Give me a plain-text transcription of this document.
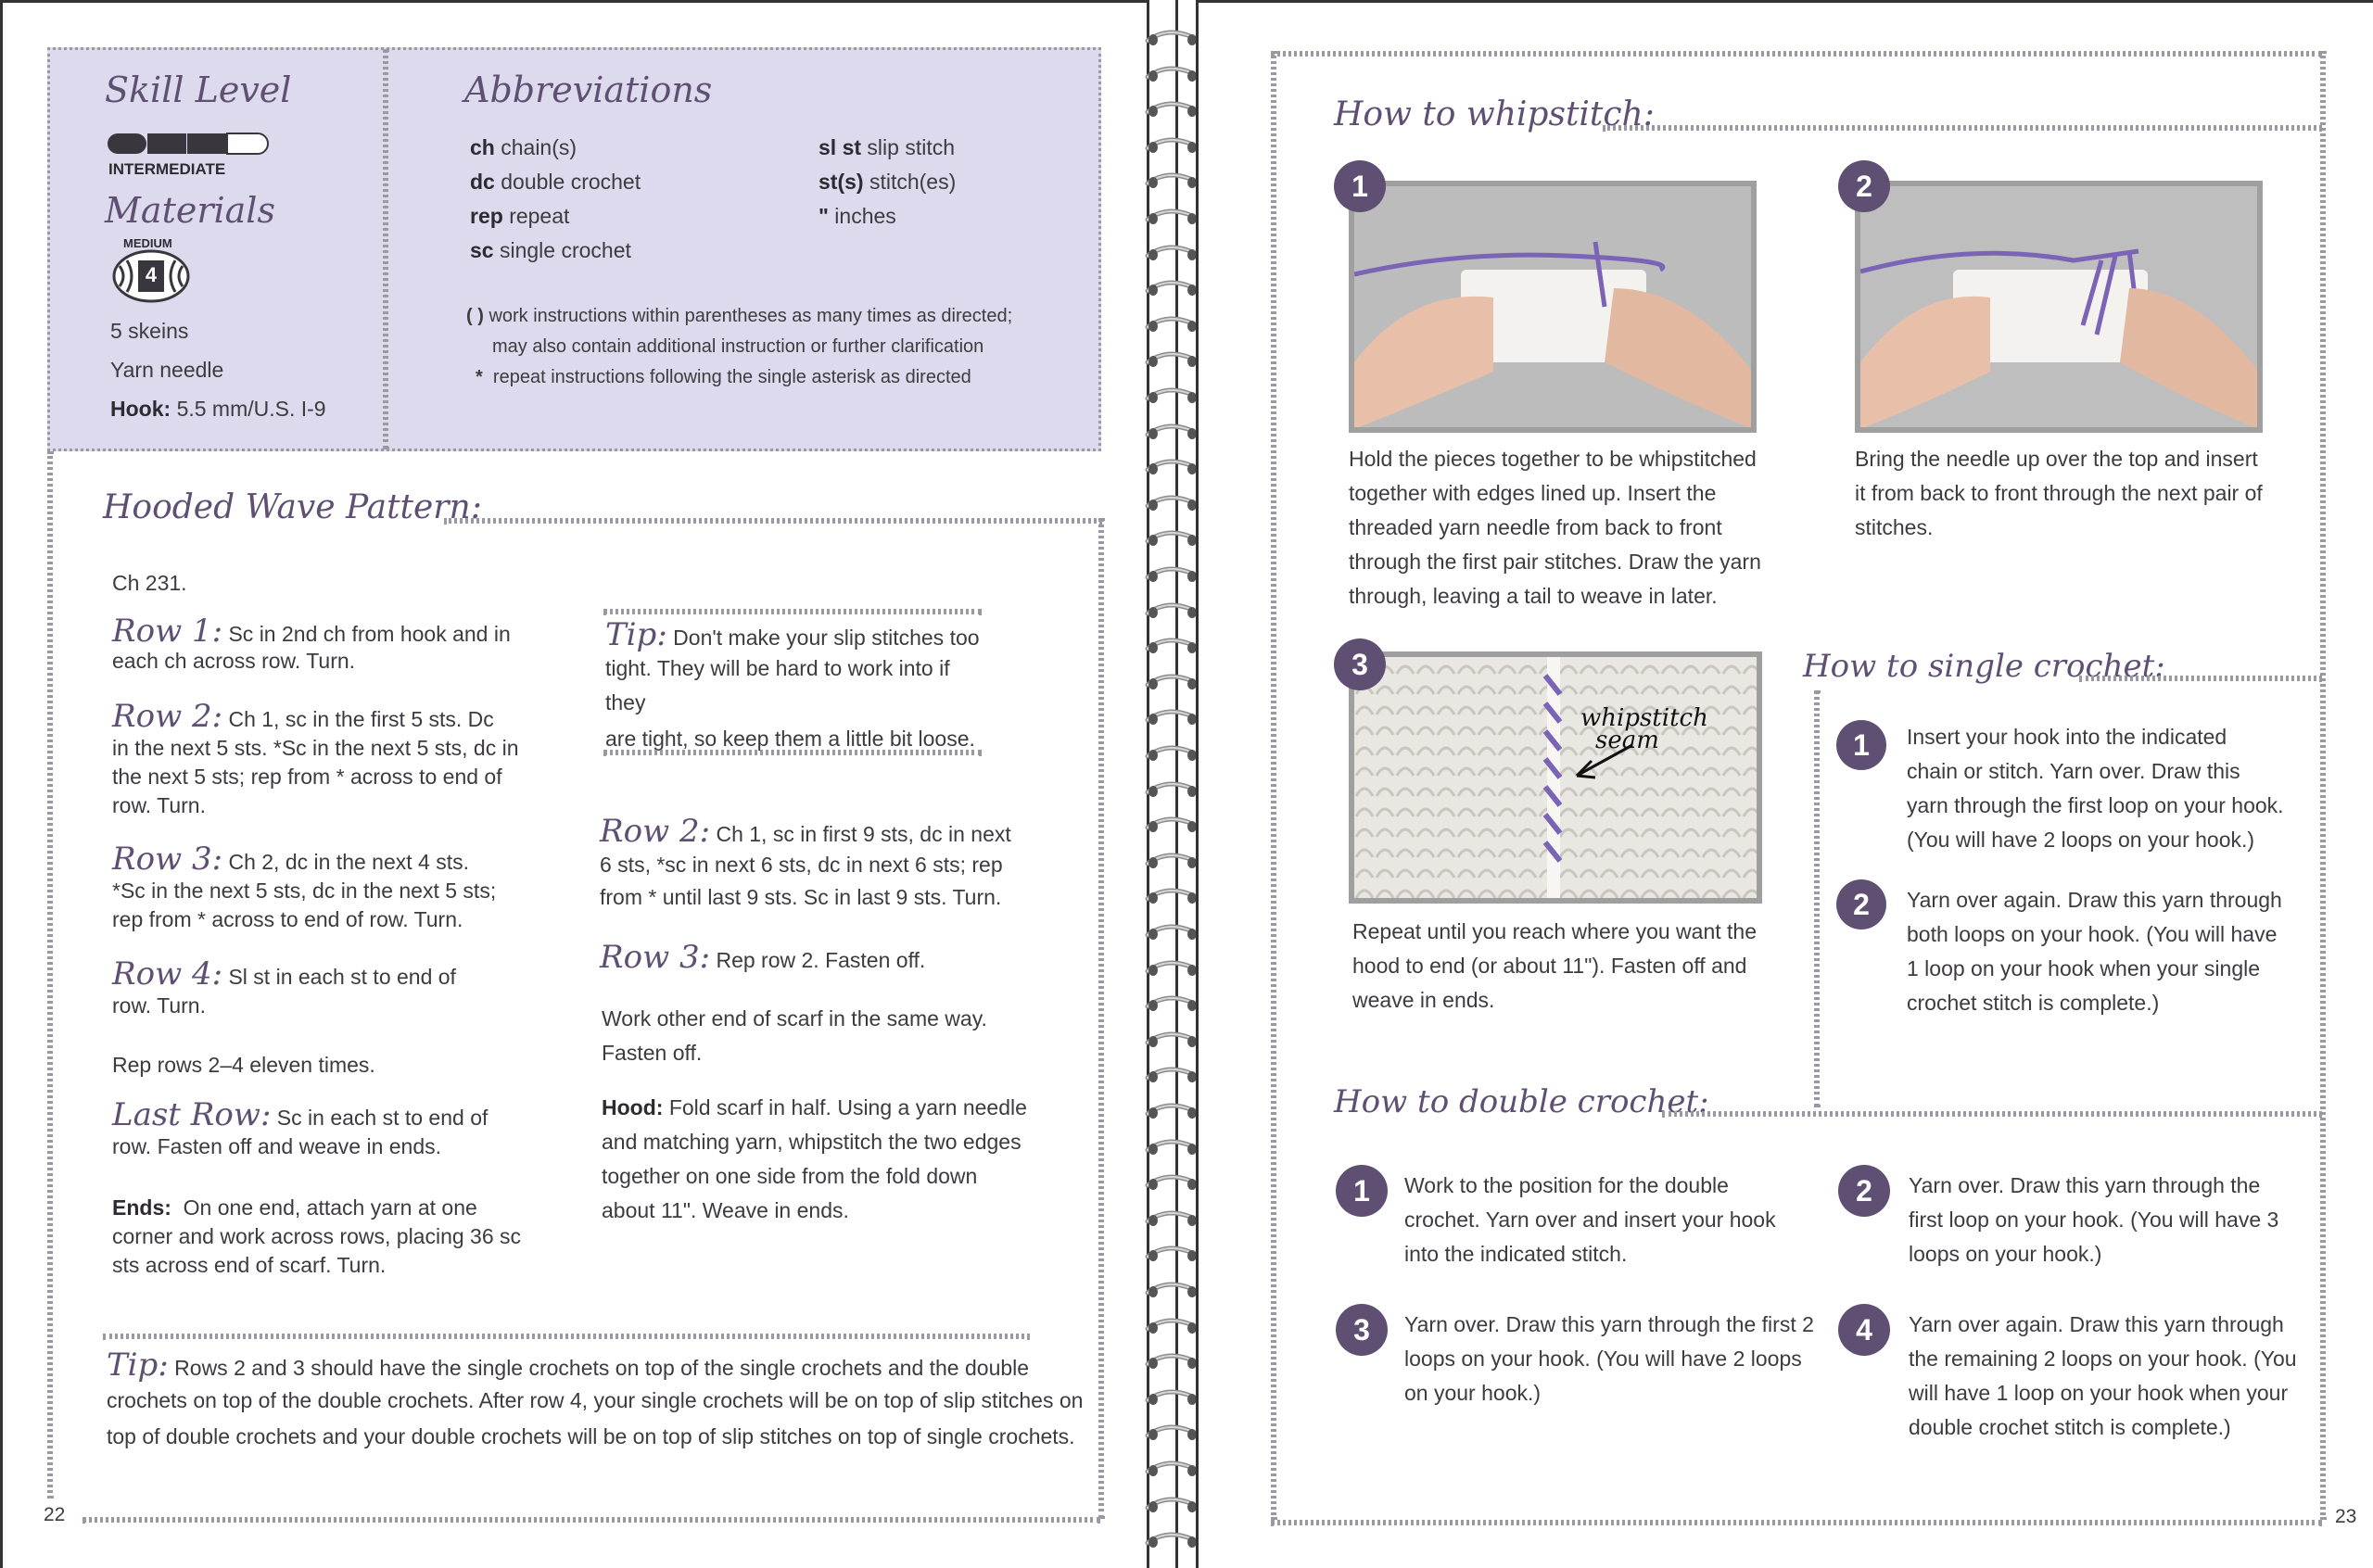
Skill Level
INTERMEDIATE
Materials
MEDIUM
4
5 skeins
Yarn needle
Hook: 5.5 mm/U.S. I-9
Abbreviations
ch chain(s)
dc double crochet
rep repeat
sc single crochet
sl st slip stitch
st(s) stitch(es)
" inches
( ) work instructions within parentheses as many times as directed;
may also contain additional instruction or further clarification
* repeat instructions following the single asterisk as directed
Hooded Wave Pattern:
Ch 231.
Row 1: Sc in 2nd ch from hook and in
each ch across row. Turn.
Row 2: Ch 1, sc in the first 5 sts. Dc
in the next 5 sts. *Sc in the next 5 sts, dc in
the next 5 sts; rep from * across to end of
row. Turn.
Row 3: Ch 2, dc in the next 4 sts.
*Sc in the next 5 sts, dc in the next 5 sts;
rep from * across to end of row. Turn.
Row 4: Sl st in each st to end of
row. Turn.
Rep rows 2–4 eleven times.
Last Row: Sc in each st to end of
row. Fasten off and weave in ends.
Ends: On one end, attach yarn at one
corner and work across rows, placing 36 sc
sts across end of scarf. Turn.
Tip: Don't make your slip stitches too
tight. They will be hard to work into if they
are tight, so keep them a little bit loose.
Row 2: Ch 1, sc in first 9 sts, dc in next
6 sts, *sc in next 6 sts, dc in next 6 sts; rep
from * until last 9 sts. Sc in last 9 sts. Turn.
Row 3: Rep row 2. Fasten off.
Work other end of scarf in the same way.
Fasten off.
Hood: Fold scarf in half. Using a yarn needle
and matching yarn, whipstitch the two edges
together on one side from the fold down
about 11". Weave in ends.
Tip: Rows 2 and 3 should have the single crochets on top of the single crochets and the double
crochets on top of the double crochets. After row 4, your single crochets will be on top of slip stitches on
top of double crochets and your double crochets will be on top of slip stitches on top of single crochets.
22
How to whipstitch:
1
Hold the pieces together to be whipstitched
together with edges lined up. Insert the
threaded yarn needle from back to front
through the first pair stitches. Draw the yarn
through, leaving a tail to weave in later.
2
Bring the needle up over the top and insert
it from back to front through the next pair of
stitches.
whipstitch
seam
3
Repeat until you reach where you want the
hood to end (or about 11"). Fasten off and
weave in ends.
How to single crochet:
1	Insert your hook into the indicated
chain or stitch. Yarn over. Draw this
yarn through the first loop on your hook.
(You will have 2 loops on your hook.)
2	Yarn over again. Draw this yarn through
both loops on your hook. (You will have
1 loop on your hook when your single
crochet stitch is complete.)
How to double crochet:
1	Work to the position for the double
crochet. Yarn over and insert your hook
into the indicated stitch.
2	Yarn over. Draw this yarn through the
first loop on your hook. (You will have 3
loops on your hook.)
3	Yarn over. Draw this yarn through the first 2
loops on your hook. (You will have 2 loops
on your hook.)
4	Yarn over again. Draw this yarn through
the remaining 2 loops on your hook. (You
will have 1 loop on your hook when your
double crochet stitch is complete.)
23
